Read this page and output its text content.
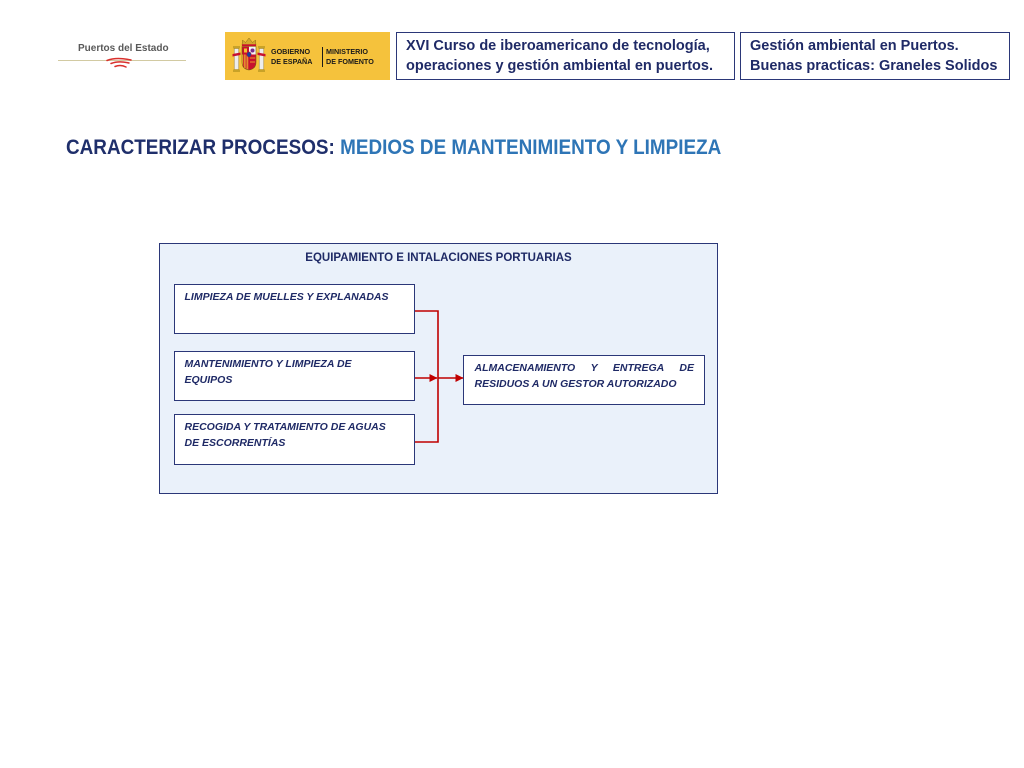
Puertos del Estado	GOBIERNO
DE ESPAÑA
MINISTERIO
DE FOMENTO
XVI Curso de iberoamericano de tecnología,
operaciones y gestión ambiental en puertos.
Gestión ambiental en Puertos.
Buenas practicas: Graneles Solidos
CARACTERIZAR PROCESOS: MEDIOS DE MANTENIMIENTO Y LIMPIEZA
EQUIPAMIENTO E INTALACIONES PORTUARIAS
LIMPIEZA DE MUELLES Y EXPLANADAS
MANTENIMIENTO Y LIMPIEZA DE
EQUIPOS
RECOGIDA Y TRATAMIENTO DE AGUAS
DE ESCORRENTÍAS
ALMACENAMIENTO Y ENTREGA DE
RESIDUOS A UN GESTOR AUTORIZADO
